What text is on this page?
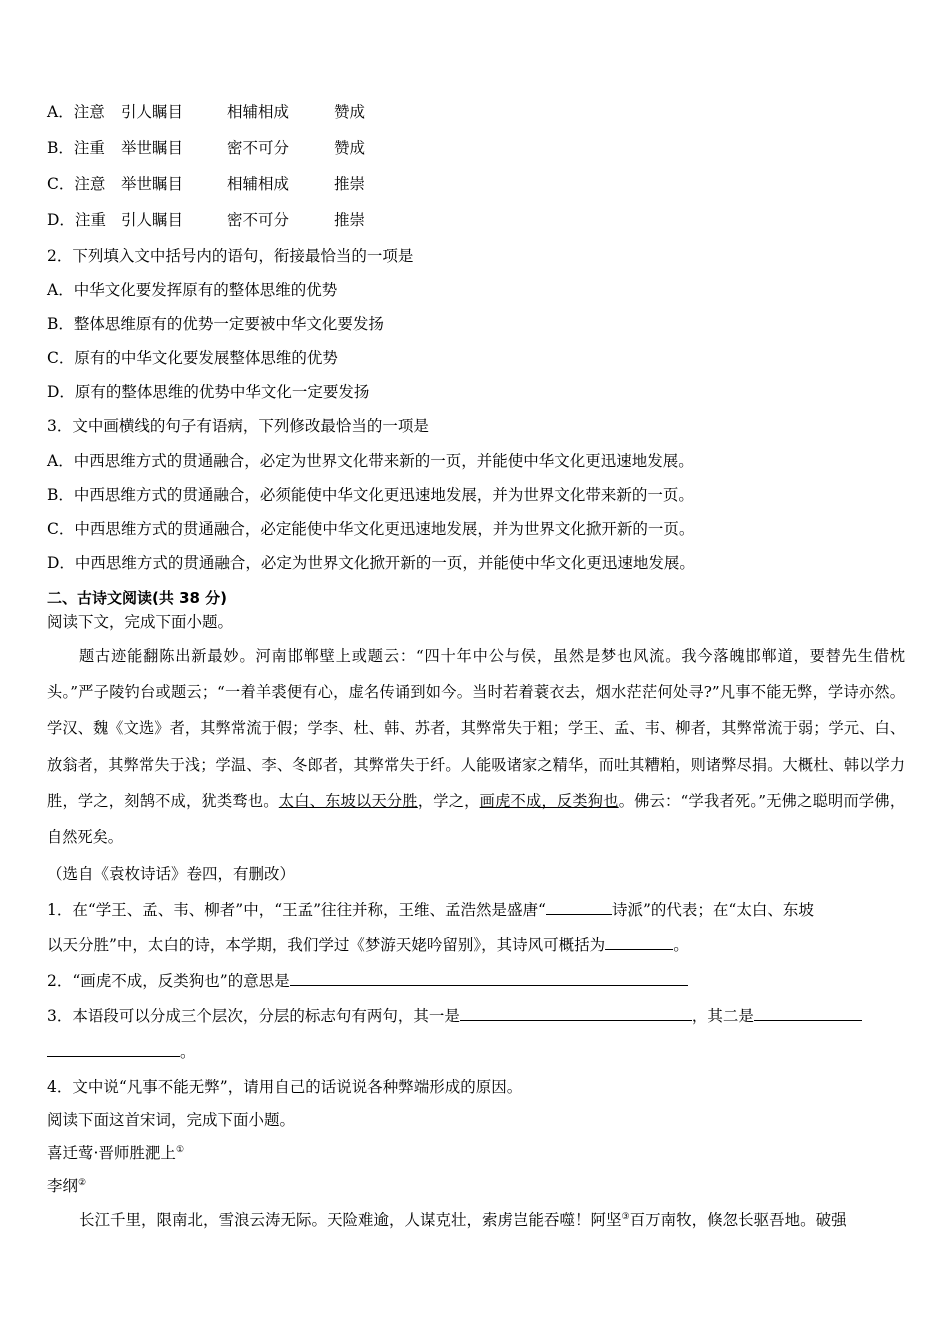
A．注意 引人瞩目	相辅相成	赞成
B．注重 举世瞩目	密不可分	赞成
C．注意 举世瞩目	相辅相成	推崇
D．注重 引人瞩目	密不可分	推崇
2．下列填入文中括号内的语句，衔接最恰当的一项是
A．中华文化要发挥原有的整体思维的优势
B．整体思维原有的优势一定要被中华文化要发扬
C．原有的中华文化要发展整体思维的优势
D．原有的整体思维的优势中华文化一定要发扬
3．文中画横线的句子有语病，下列修改最恰当的一项是
A．中西思维方式的贯通融合，必定为世界文化带来新的一页，并能使中华文化更迅速地发展。
B．中西思维方式的贯通融合，必须能使中华文化更迅速地发展，并为世界文化带来新的一页。
C．中西思维方式的贯通融合，必定能使中华文化更迅速地发展，并为世界文化掀开新的一页。
D．中西思维方式的贯通融合，必定为世界文化掀开新的一页，并能使中华文化更迅速地发展。
二、古诗文阅读(共 38 分)
阅读下文，完成下面小题。
题古迹能翻陈出新最妙。河南邯郸壁上或题云：“四十年中公与侯，虽然是梦也风流。我今落魄邯郸道，要替先生借枕头。”严子陵钓台或题云；“一着羊裘便有心，虚名传诵到如今。当时若着蓑衣去，烟水茫茫何处寻?”凡事不能无弊，学诗亦然。学汉、魏《文选》者，其弊常流于假；学李、杜、韩、苏者，其弊常失于粗；学王、孟、韦、柳者，其弊常流于弱；学元、白、放翁者，其弊常失于浅；学温、李、冬郎者，其弊常失于纤。人能吸诸家之精华，而吐其糟粕，则诸弊尽捐。大概杜、韩以学力胜，学之，刻鹄不成，犹类骛也。太白、东坡以天分胜，学之，画虎不成，反类狗也。佛云：“学我者死。”无佛之聪明而学佛，自然死矣。
（选自《袁枚诗话》卷四，有删改）
1．在“学王、孟、韦、柳者”中，“王孟”往往并称，王维、孟浩然是盛唐“	诗派”的代表；在“太白、东坡
以天分胜”中，太白的诗，本学期，我们学过《梦游天姥吟留别》，其诗风可概括为	。
2．“画虎不成，反类狗也”的意思是
3．本语段可以分成三个层次，分层的标志句有两句，其一是	，其二是
。
4．文中说“凡事不能无弊”，请用自己的话说说各种弊端形成的原因。
阅读下面这首宋词，完成下面小题。
喜迁莺·晋师胜淝上①
李纲②
长江千里，限南北，雪浪云涛无际。天险难逾，人谋克壮，索虏岂能吞噬！阿坚③百万南牧，倏忽长驱吾地。破强
